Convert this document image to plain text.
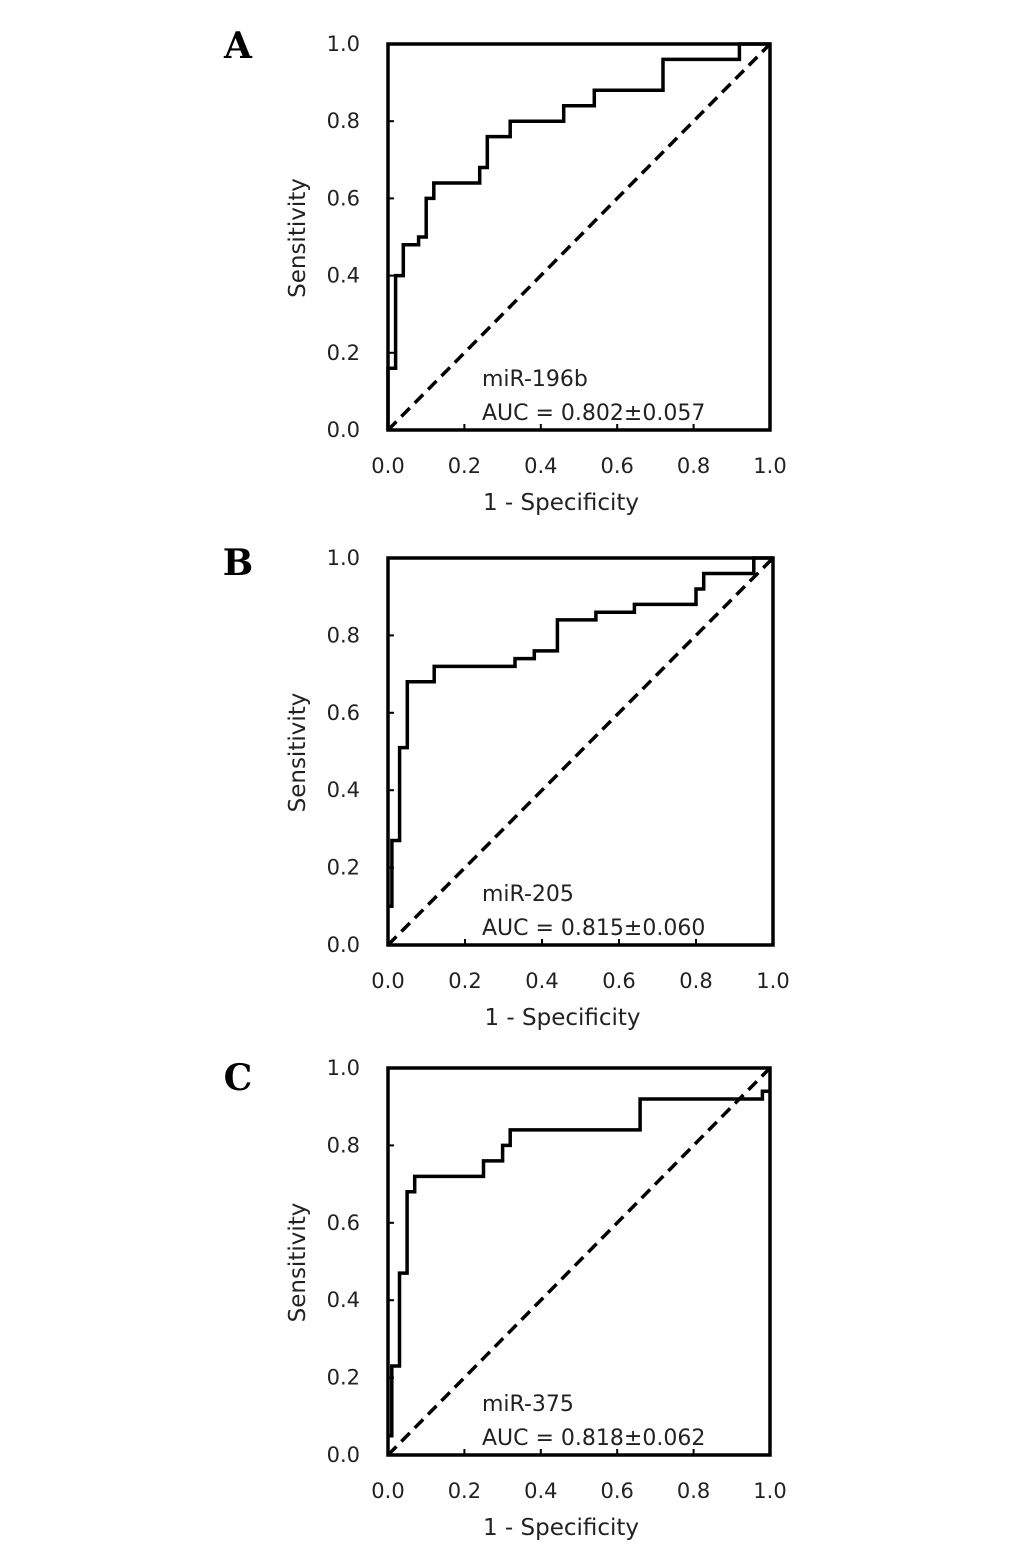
A
0.0
0.2
0.4
0.6
0.8
1.0
0.0 0.2 0.4 0.6 0.8 1.0
1 - Specificity
Sensitivity
miR-196b
AUC = 0.802±0.057
B
0.0
0.2
0.4
0.6
0.8
1.0
0.0 0.2 0.4 0.6 0.8 1.0
1 - Specificity
Sensitivity
miR-205
AUC = 0.815±0.060
C
0.0
0.2
0.4
0.6
0.8
1.0
0.0 0.2 0.4 0.6 0.8 1.0
1 - Specificity
Sensitivity
miR-375
AUC = 0.818±0.062
